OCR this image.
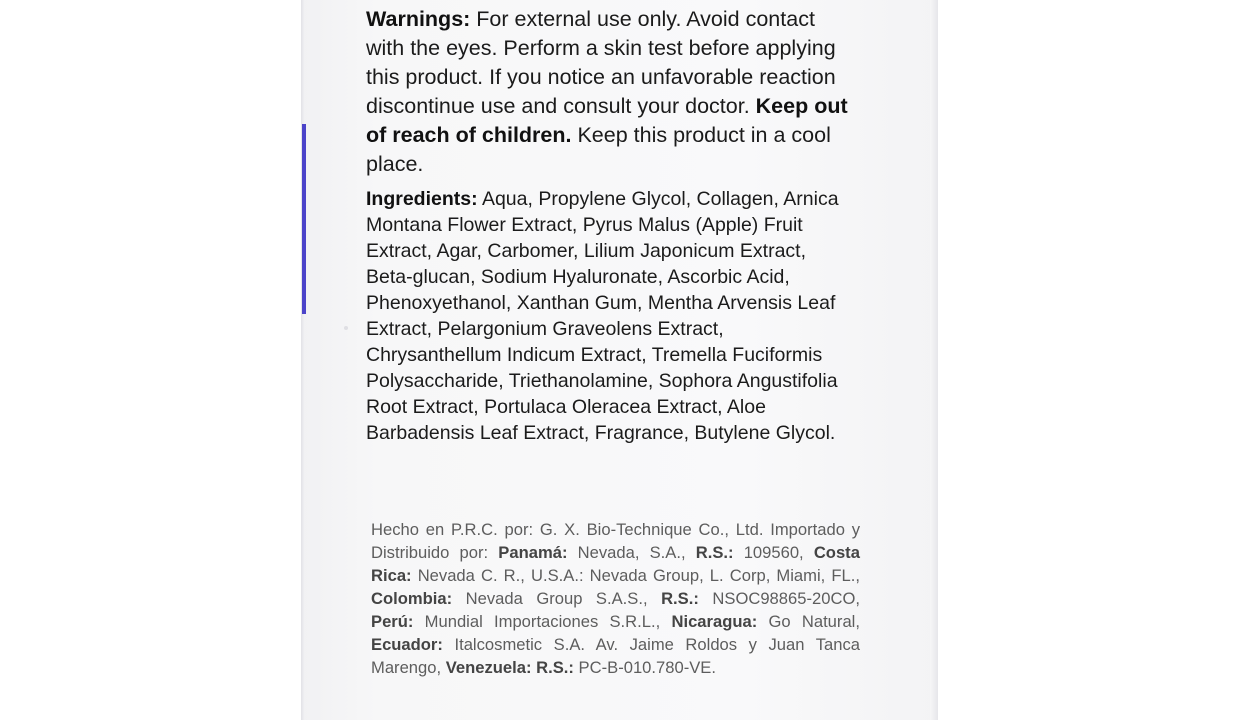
Warnings: For external use only. Avoid contact with the eyes. Perform a skin test before applying this product. If you notice an unfavorable reaction discontinue use and consult your doctor. Keep out of reach of children. Keep this product in a cool place.

Ingredients: Aqua, Propylene Glycol, Collagen, Arnica Montana Flower Extract, Pyrus Malus (Apple) Fruit Extract, Agar, Carbomer, Lilium Japonicum Extract, Beta-glucan, Sodium Hyaluronate, Ascorbic Acid, Phenoxyethanol, Xanthan Gum, Mentha Arvensis Leaf Extract, Pelargonium Graveolens Extract, Chrysanthellum Indicum Extract, Tremella Fuciformis Polysaccharide, Triethanolamine, Sophora Angustifolia Root Extract, Portulaca Oleracea Extract, Aloe Barbadensis Leaf Extract, Fragrance, Butylene Glycol.

Hecho en P.R.C. por: G. X. Bio-Technique Co., Ltd. Importado y Distribuido por: Panamá: Nevada, S.A., R.S.: 109560, Costa Rica: Nevada C. R., U.S.A.: Nevada Group, L. Corp, Miami, FL., Colombia: Nevada Group S.A.S., R.S.: NSOC98865-20CO, Perú: Mundial Importaciones S.R.L., Nicaragua: Go Natural, Ecuador: Italcosmetic S.A. Av. Jaime Roldos y Juan Tanca Marengo, Venezuela: R.S.: PC-B-010.780-VE.
